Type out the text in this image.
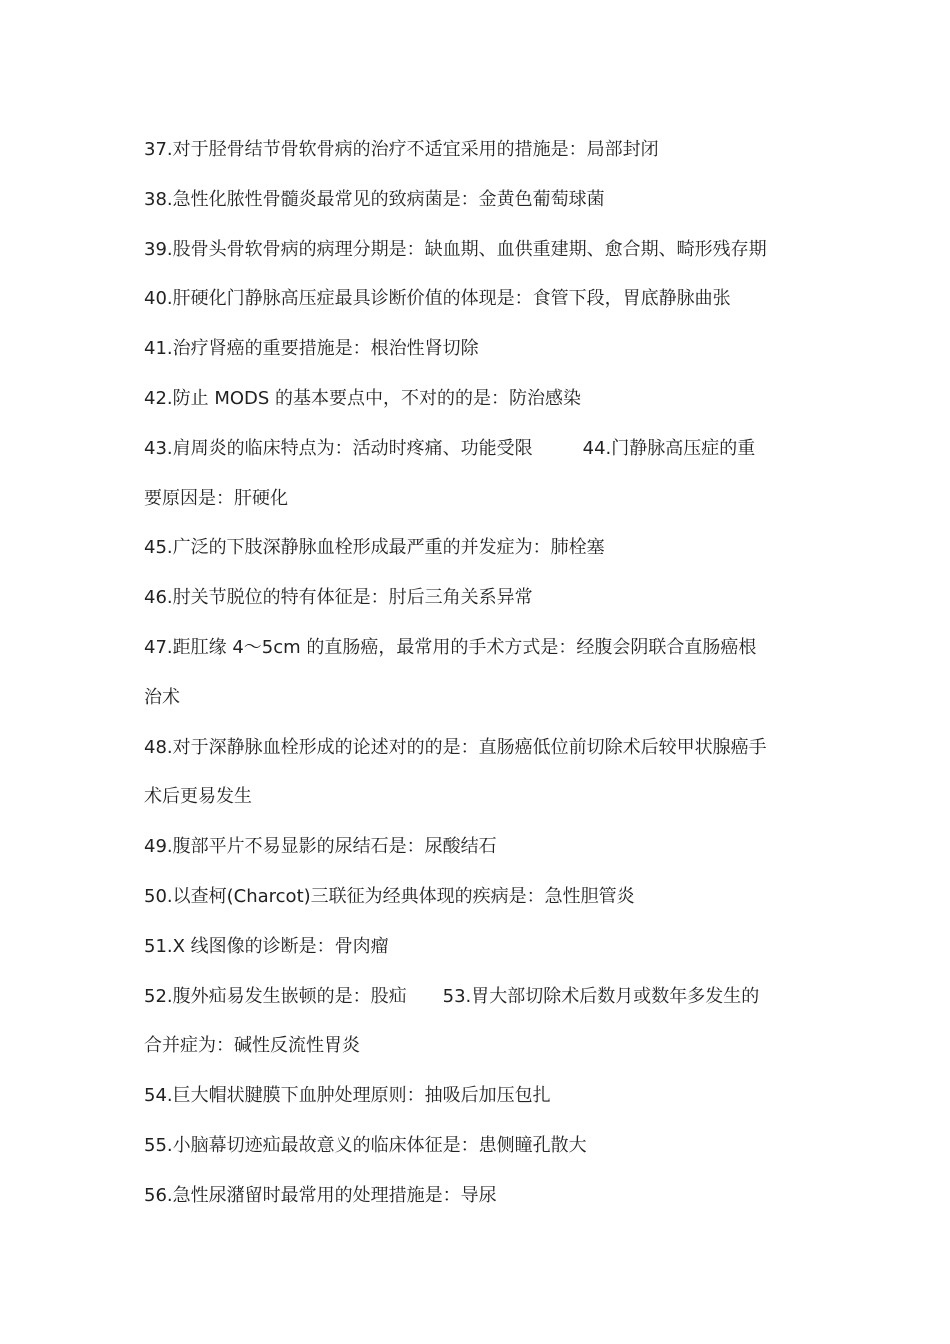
37.对于胫骨结节骨软骨病的治疗不适宜采用的措施是：局部封闭
38.急性化脓性骨髓炎最常见的致病菌是：金黄色葡萄球菌
39.股骨头骨软骨病的病理分期是：缺血期、血供重建期、愈合期、畸形残存期
40.肝硬化门静脉高压症最具诊断价值的体现是：食管下段，胃底静脉曲张
41.治疗肾癌的重要措施是：根治性肾切除
42.防止 MODS 的基本要点中，不对的的是：防治感染
43.肩周炎的临床特点为：活动时疼痛、功能受限	44.门静脉高压症的重
要原因是：肝硬化
45.广泛的下肢深静脉血栓形成最严重的并发症为：肺栓塞
46.肘关节脱位的特有体征是：肘后三角关系异常
47.距肛缘 4～5cm 的直肠癌，最常用的手术方式是：经腹会阴联合直肠癌根
治术
48.对于深静脉血栓形成的论述对的的是：直肠癌低位前切除术后较甲状腺癌手
术后更易发生
49.腹部平片不易显影的尿结石是：尿酸结石
50.以查柯(Charcot)三联征为经典体现的疾病是：急性胆管炎
51.X 线图像的诊断是：骨肉瘤
52.腹外疝易发生嵌顿的是：股疝 53.胃大部切除术后数月或数年多发生的
合并症为：碱性反流性胃炎
54.巨大帽状腱膜下血肿处理原则：抽吸后加压包扎
55.小脑幕切迹疝最故意义的临床体征是：患侧瞳孔散大
56.急性尿潴留时最常用的处理措施是：导尿
